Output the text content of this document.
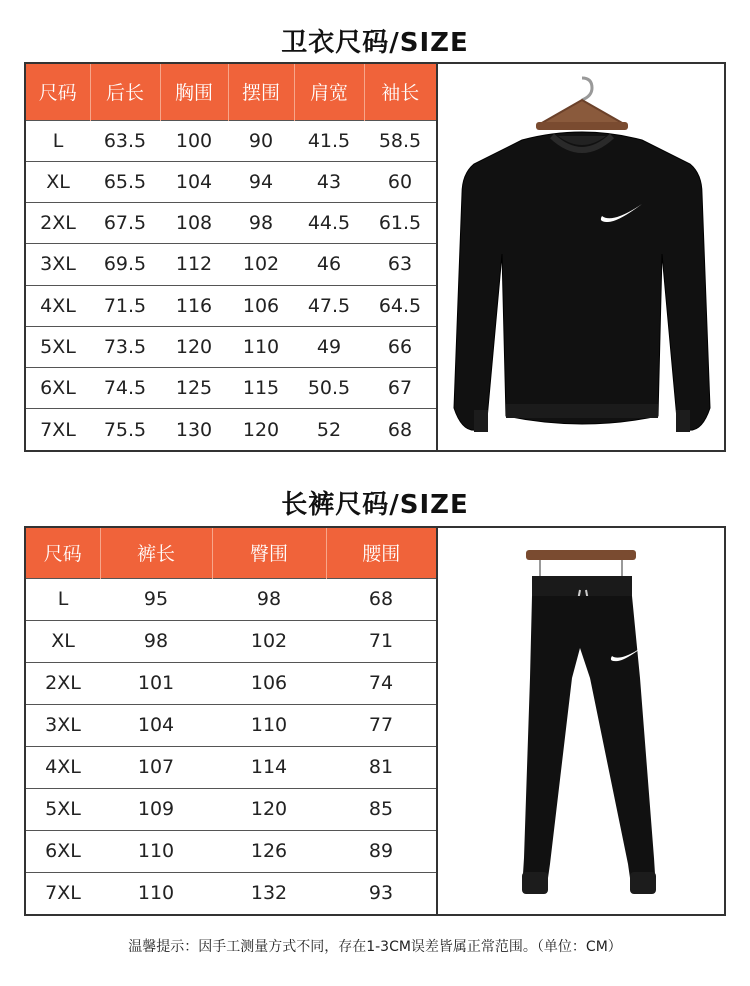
卫衣尺码/SIZE
尺码	后长	胸围	摆围	肩宽	袖长
L	63.5	100	90	41.5	58.5
XL	65.5	104	94	43	60
2XL	67.5	108	98	44.5	61.5
3XL	69.5	112	102	46	63
4XL	71.5	116	106	47.5	64.5
5XL	73.5	120	110	49	66
6XL	74.5	125	115	50.5	67
7XL	75.5	130	120	52	68
长裤尺码/SIZE
尺码	裤长	臀围	腰围
L	95	98	68
XL	98	102	71
2XL	101	106	74
3XL	104	110	77
4XL	107	114	81
5XL	109	120	85
6XL	110	126	89
7XL	110	132	93
温馨提示：因手工测量方式不同，存在1-3CM误差皆属正常范围。（单位：CM）
